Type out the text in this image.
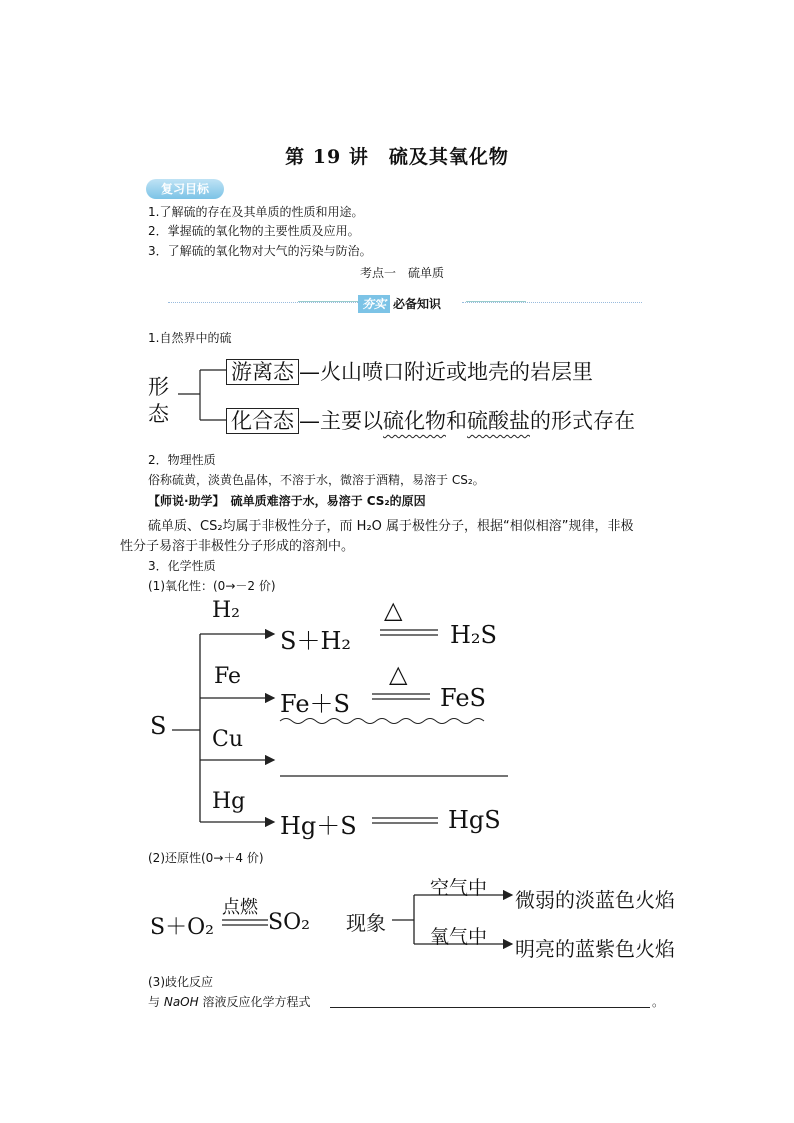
第 19 讲　硫及其氧化物
复习目标
1.了解硫的存在及其单质的性质和用途。
2．掌握硫的氧化物的主要性质及应用。
3．了解硫的氧化物对大气的污染与防治。
考点一　硫单质
夯实 必备知识
1.自然界中的硫
形
态
游离态 —火山喷口附近或地壳的岩层里
化合态 —主要以硫化物和硫酸盐的形式存在
2．物理性质
俗称硫黄，淡黄色晶体，不溶于水，微溶于酒精，易溶于 CS₂。
【师说·助学】　 硫单质难溶于水，易溶于 CS₂的原因
硫单质、CS₂均属于非极性分子，而 H₂O 属于极性分子，根据“相似相溶”规律，非极
性分子易溶于非极性分子形成的溶剂中。
3．化学性质
(1)氧化性：(0→－2 价)
S
H₂
S＋H₂
△
H₂S
Fe
Fe＋S
△
FeS
Cu
Hg
Hg＋S	HgS
(2)还原性(0→＋4 价)
S＋O₂
点燃
SO₂ 现象
空气中 微弱的淡蓝色火焰
氧气中 明亮的蓝紫色火焰
(3)歧化反应
与 NaOH 溶液反应化学方程式	。
